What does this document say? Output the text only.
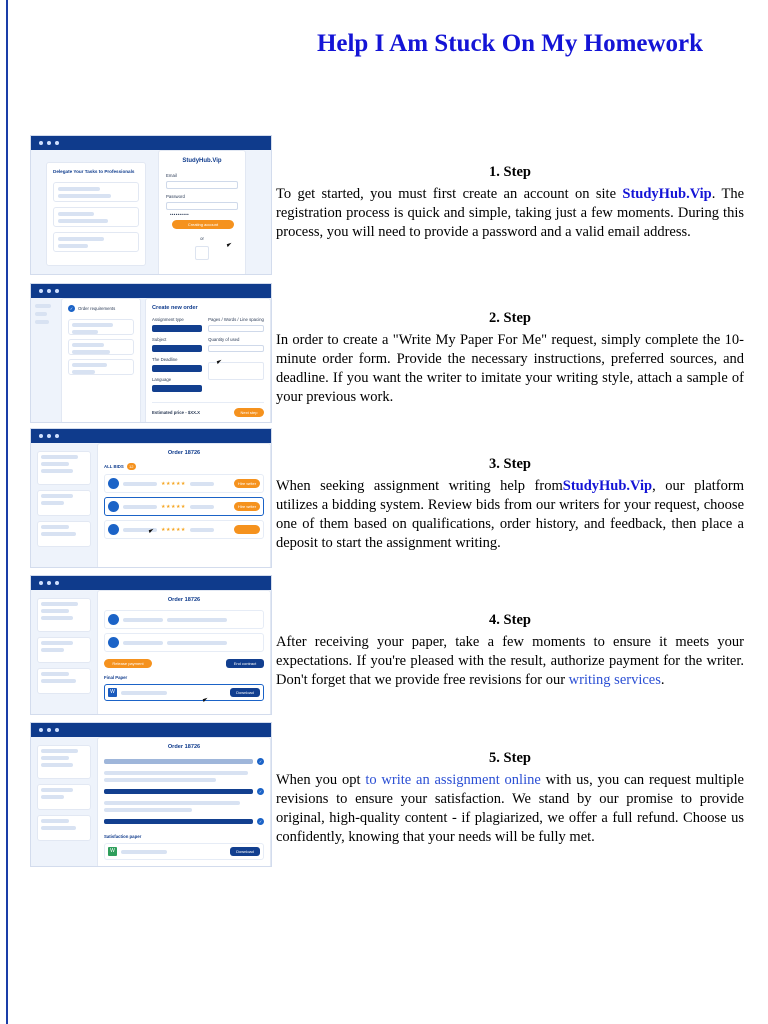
Help I Am Stuck On My Homework
Delegate Your Tasks to Professionals
StudyHub.Vip
Email
Password
••••••••••
Creating account
or
✓	Order requirements	Create new order
Assignment type
Subject
The Deadline
Language
Pages / Words / Line spacing
Quantity of used
Estimated price - $XX.X	Next step
Order 18726
ALL BIDS	12
★★★★★	Hire writer
★★★★★	Hire writer
★★★★★
Order 18726
Release payment	End contract
Final Paper
W	Download
Order 18726
✓
✓
✓
Satisfaction paper
W	Download
1. Step
To get started, you must first create an account on site StudyHub.Vip. The registration process is quick and simple, taking just a few moments. During this process, you will need to provide a password and a valid email address.
2. Step
In order to create a "Write My Paper For Me" request, simply complete the 10-minute order form. Provide the necessary instructions, preferred sources, and deadline. If you want the writer to imitate your writing style, attach a sample of your previous work.
3. Step
When seeking assignment writing help fromStudyHub.Vip, our platform utilizes a bidding system. Review bids from our writers for your request, choose one of them based on qualifications, order history, and feedback, then place a deposit to start the assignment writing.
4. Step
After receiving your paper, take a few moments to ensure it meets your expectations. If you're pleased with the result, authorize payment for the writer. Don't forget that we provide free revisions for our writing services.
5. Step
When you opt to write an assignment online with us, you can request multiple revisions to ensure your satisfaction. We stand by our promise to provide original, high-quality content - if plagiarized, we offer a full refund. Choose us confidently, knowing that your needs will be fully met.
